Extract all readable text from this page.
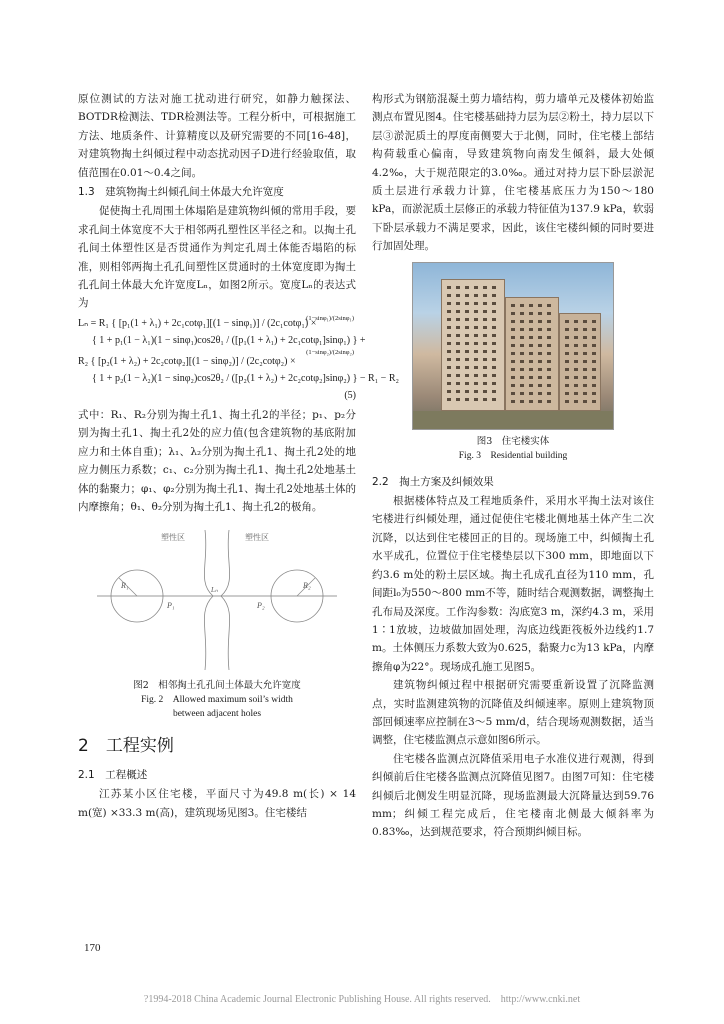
原位测试的方法对施工扰动进行研究，如静力触探法、BOTDR检测法、TDR检测法等。工程分析中，可根据施工方法、地质条件、计算精度以及研究需要的不同[16-48]，对建筑物掏土纠倾过程中动态扰动因子D进行经验取值，取值范围在0.01～0.4之间。

1.3　建筑物掏土纠倾孔间土体最大允许宽度

促使掏土孔周围土体塌陷是建筑物纠倾的常用手段，要求孔间土体宽度不大于相邻两孔塑性区半径之和。以掏土孔孔间土体塑性区是否贯通作为判定孔周土体能否塌陷的标准，则相邻两掏土孔孔间塑性区贯通时的土体宽度即为掏土孔孔间土体最大允许宽度Lₙ，如图2所示。宽度Lₙ的表达式为

Lₙ = R₁ { [p₁(1 + λ₁) + 2c₁cotφ₁][(1 − sinφ₁)] / (2c₁cotφ₁) ×
(1−sinφ₁)/(2sinφ₁)
{ 1 + p₁(1 − λ₁)(1 − sinφ₁)cos2θ₁ / ([p₁(1 + λ₁) + 2c₁cotφ₁]sinφ₁) } +
R₂ { [p₂(1 + λ₂) + 2c₂cotφ₂][(1 − sinφ₂)] / (2c₂cotφ₂) ×
(1−sinφ₂)/(2sinφ₂)
{ 1 + p₂(1 − λ₂)(1 − sinφ₂)cos2θ₂ / ([p₂(1 + λ₂) + 2c₂cotφ₂]sinφ₂) } − R₁ − R₂
(5)

式中：R₁、R₂分别为掏土孔1、掏土孔2的半径；p₁、p₂分别为掏土孔1、掏土孔2处的应力值(包含建筑物的基底附加应力和土体自重)；λ₁、λ₂分别为掏土孔1、掏土孔2处的地应力侧压力系数；c₁、c₂分别为掏土孔1、掏土孔2处地基土体的黏聚力；φ₁、φ₂分别为掏土孔1、掏土孔2处地基土体的内摩擦角；θ₁、θ₂分别为掏土孔1、掏土孔2的极角。

塑性区	塑性区
R₁	R₂
P₁	P₂
Lₙ
图2　相邻掏土孔孔间土体最大允许宽度
Fig. 2　Allowed maximum soil’s width
between adjacent holes

2　工程实例

2.1　工程概述

江苏某小区住宅楼，平面尺寸为49.8 m(长) × 14 m(宽) ×33.3 m(高)，建筑现场见图3。住宅楼结

构形式为钢筋混凝土剪力墙结构，剪力墙单元及楼体初始监测点布置见图4。住宅楼基础持力层为层②粉土，持力层以下层③淤泥质土的厚度南侧要大于北侧，同时，住宅楼上部结构荷载重心偏南，导致建筑物向南发生倾斜，最大处倾4.2‰，大于规范限定的3.0‰。通过对持力层下卧层淤泥质土层进行承载力计算，住宅楼基底压力为150～180 kPa，而淤泥质土层修正的承载力特征值为137.9 kPa，软弱下卧层承载力不满足要求，因此，该住宅楼纠倾的同时要进行加固处理。

图3　住宅楼实体
Fig. 3　Residential building

2.2　掏土方案及纠倾效果

根据楼体特点及工程地质条件，采用水平掏土法对该住宅楼进行纠倾处理，通过促使住宅楼北侧地基土体产生二次沉降，以达到住宅楼回正的目的。现场施工中，纠倾掏土孔水平成孔，位置位于住宅楼垫层以下300 mm，即地面以下约3.6 m处的粉土层区域。掏土孔成孔直径为110 mm，孔间距l₀为550～800 mm不等，随时结合观测数据，调整掏土孔布局及深度。工作沟参数：沟底宽3 m，深约4.3 m，采用1∶1放坡，边坡做加固处理，沟底边线距筏板外边线约1.7 m。土体侧压力系数大致为0.625，黏聚力c为13 kPa，内摩擦角φ为22°。现场成孔施工见图5。

建筑物纠倾过程中根据研究需要重新设置了沉降监测点，实时监测建筑物的沉降值及纠倾速率。原则上建筑物顶部回倾速率应控制在3～5 mm/d，结合现场观测数据，适当调整，住宅楼监测点示意如图6所示。

住宅楼各监测点沉降值采用电子水准仪进行观测，得到纠倾前后住宅楼各监测点沉降值见图7。由图7可知：住宅楼纠倾后北侧发生明显沉降，现场监测最大沉降量达到59.76 mm；纠倾工程完成后，住宅楼南北侧最大倾斜率为0.83‰，达到规范要求，符合预期纠倾目标。

170
?1994-2018 China Academic Journal Electronic Publishing House. All rights reserved.　http://www.cnki.net
